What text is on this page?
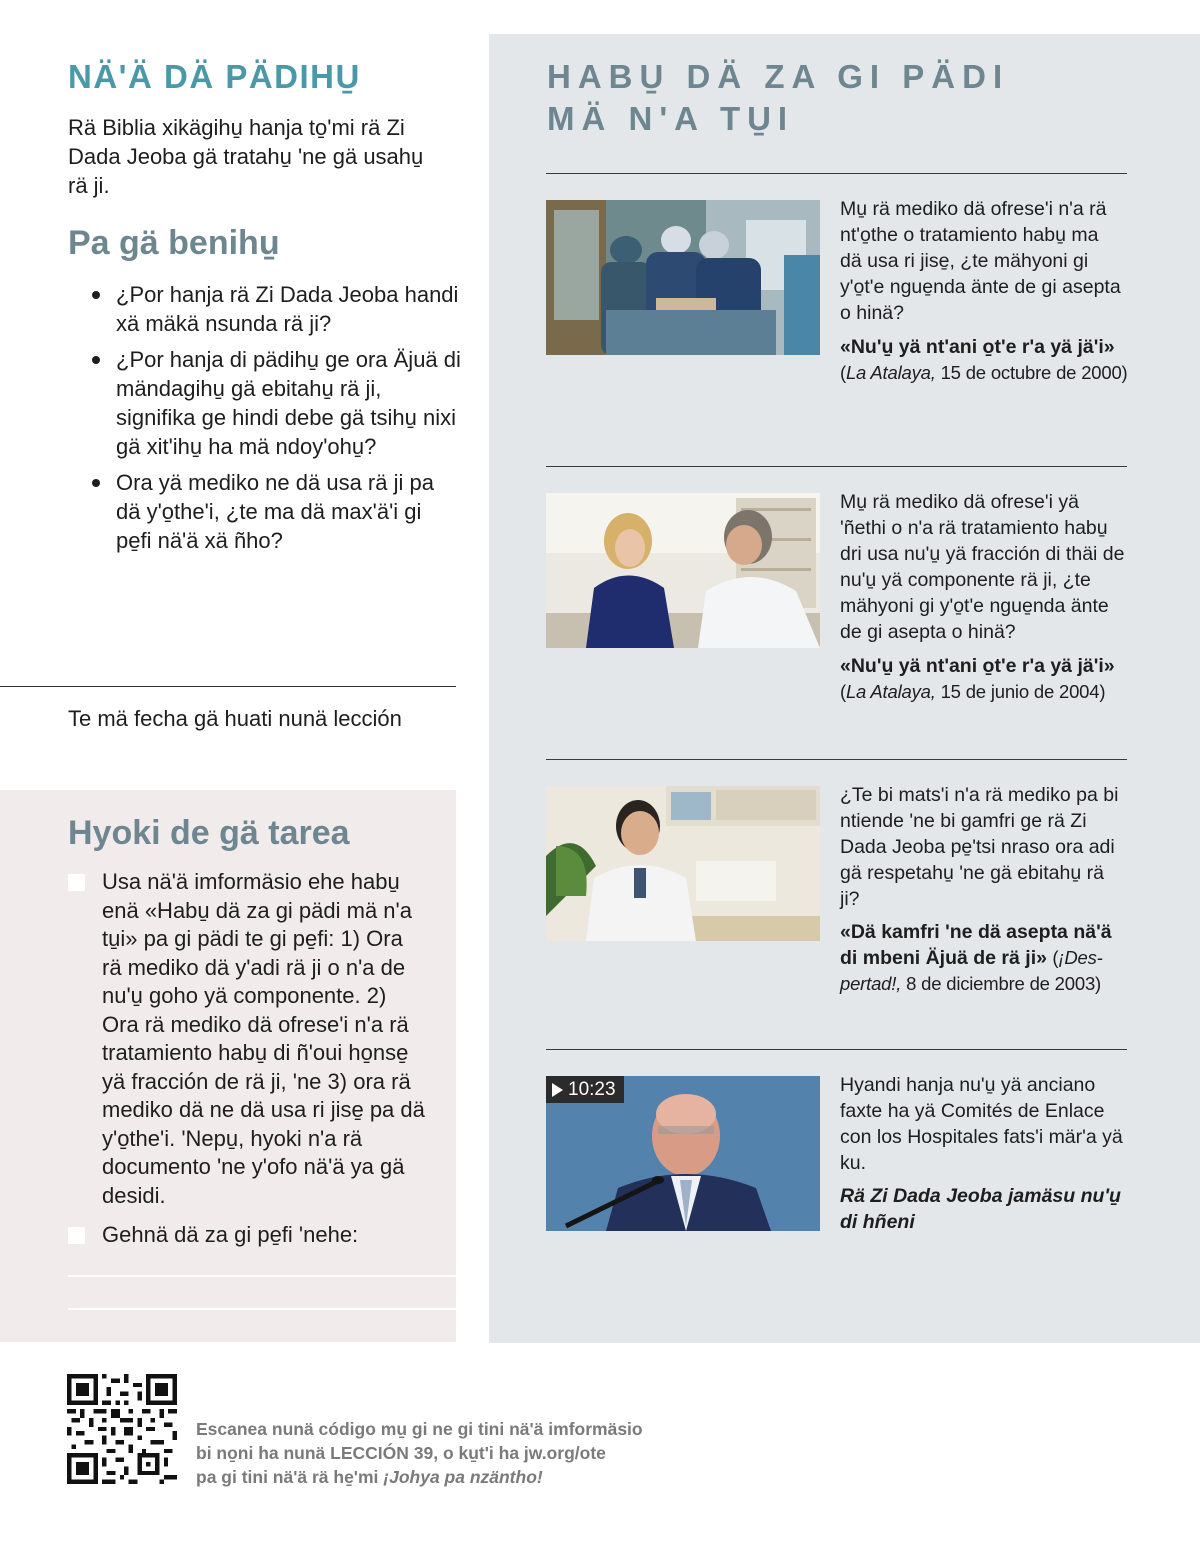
NÄ'Ä DÄ PÄDIHU̱

Rä Biblia xikägihu̱ hanja to̱'mi rä Zi Dada Jeoba gä tratahu̱ 'ne gä usahu̱ rä ji.

Pa gä benihu̱
¿Por hanja rä Zi Dada Jeoba handi xä mäkä nsunda rä ji?
¿Por hanja di pädihu̱ ge ora Äjuä di mändagihu̱ gä ebitahu̱ rä ji, signifika ge hindi debe gä tsihu̱ nixi gä xit'ihu̱ ha mä ndoy'ohu̱?
Ora yä mediko ne dä usa rä ji pa dä y'o̱the'i, ¿te ma dä max'ä'i gi pe̱fi nä'ä xä ñho?

Te mä fecha gä huati nunä lección

Hyoki de gä tarea
Usa nä'ä imformäsio ehe habu̱ enä «Habu̱ dä za gi pädi mä n'a tu̱i» pa gi pädi te gi pe̱fi: 1) Ora rä mediko dä y'adi rä ji o n'a de nu'u̱ goho yä componente. 2) Ora rä mediko dä ofrese'i n'a rä tratamiento habu̱ di ñ'oui ho̱nse̱ yä fracción de rä ji, 'ne 3) ora rä mediko dä ne dä usa ri jise̱ pa dä y'o̱the'i. 'Nepu̱, hyoki n'a rä documento 'ne y'ofo nä'ä ya gä desidi.
Gehnä dä za gi pe̱fi 'nehe:
HABU̱ DÄ ZA GI PÄDI
MÄ N'A TU̱I

Mu̱ rä mediko dä ofrese'i n'a rä nt'o̱the o tratamiento habu̱ ma dä usa ri jise̱, ¿te mähyoni gi y'o̱t'e ngue̱nda änte de gi asepta o hinä?

«Nu'u̱ yä nt'ani o̱t'e r'a yä jä'i»
(La Atalaya, 15 de octubre de 2000)

Mu̱ rä mediko dä ofrese'i yä 'ñethi o n'a rä tratamiento habu̱ dri usa nu'u̱ yä fracción di thäi de nu'u̱ yä componente rä ji, ¿te mähyoni gi y'o̱t'e ngue̱nda änte de gi asepta o hinä?

«Nu'u̱ yä nt'ani o̱t'e r'a yä jä'i»
(La Atalaya, 15 de junio de 2004)

¿Te bi mats'i n'a rä mediko pa bi ntiende 'ne bi gamfri ge rä Zi Dada Jeoba pe̱'tsi nraso ora adi gä respetahu̱ 'ne gä ebitahu̱ rä ji?

«Dä kamfri 'ne dä asepta nä'ä di mbeni Äjuä de rä ji» (¡Despertad!, 8 de diciembre de 2003)

10:23	Hyandi hanja nu'u̱ yä anciano faxte ha yä Comités de Enlace con los Hospitales fats'i mär'a yä ku.

Rä Zi Dada Jeoba jamäsu nu'u̱ di hñeni

Escanea nunä código mu̱ gi ne gi tini nä'ä imformäsio
bi no̱ni ha nunä LECCIÓN 39, o ku̱t'i ha jw.org/ote
pa gi tini nä'ä rä he̱'mi ¡Johya pa nzäntho!
